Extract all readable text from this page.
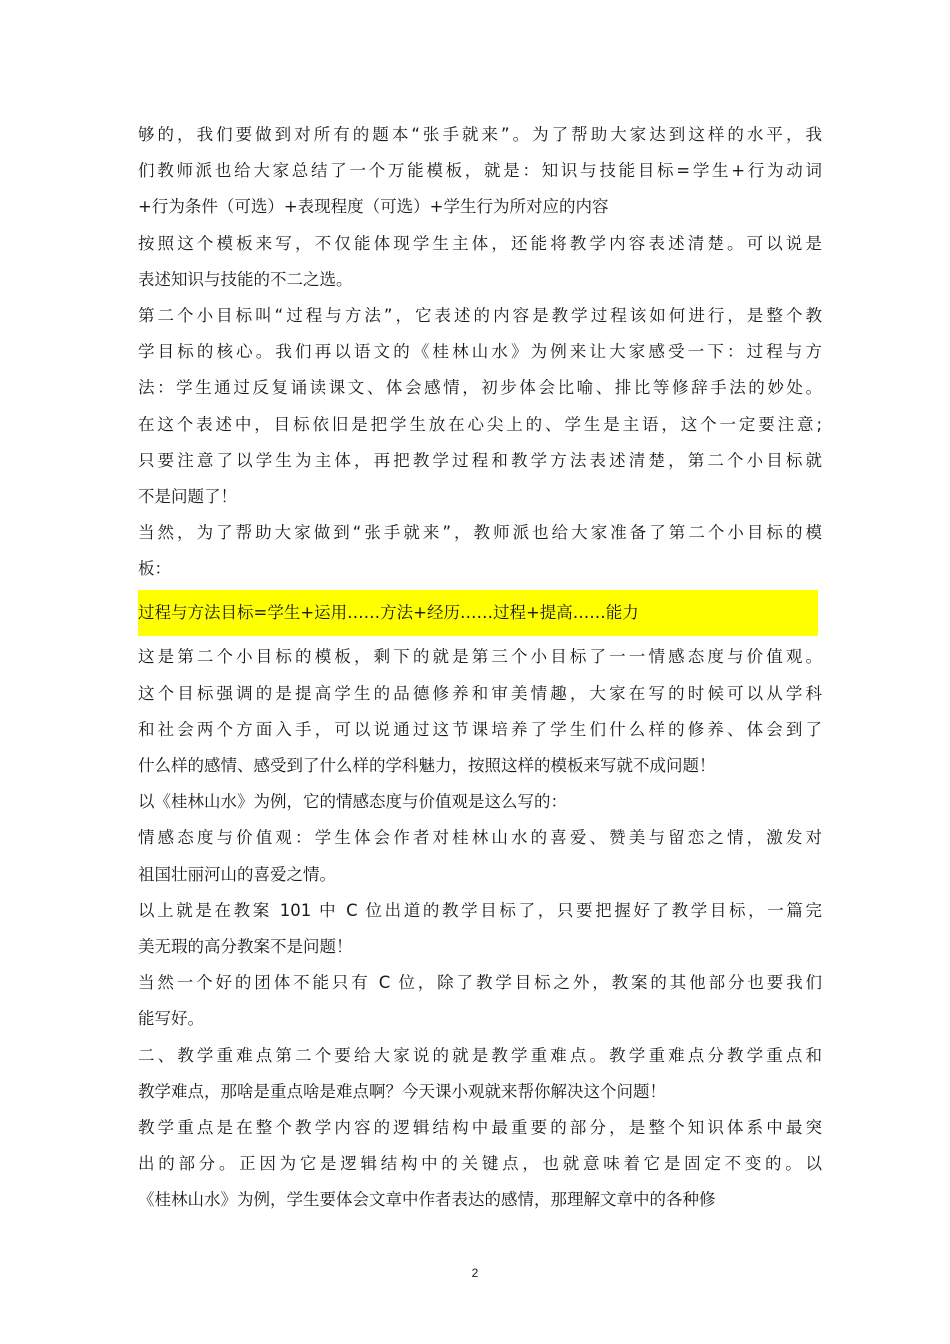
够的，我们要做到对所有的题本“张手就来”。为了帮助大家达到这样的水平，我
们教师派也给大家总结了一个万能模板，就是：知识与技能目标=学生+行为动词
+行为条件（可选）+表现程度（可选）+学生行为所对应的内容
按照这个模板来写，不仅能体现学生主体，还能将教学内容表述清楚。可以说是
表述知识与技能的不二之选。
第二个小目标叫“过程与方法”，它表述的内容是教学过程该如何进行，是整个教
学目标的核心。我们再以语文的《桂林山水》为例来让大家感受一下：过程与方
法：学生通过反复诵读课文、体会感情，初步体会比喻、排比等修辞手法的妙处。
在这个表述中，目标依旧是把学生放在心尖上的、学生是主语，这个一定要注意;
只要注意了以学生为主体，再把教学过程和教学方法表述清楚，第二个小目标就
不是问题了！
当然，为了帮助大家做到“张手就来”，教师派也给大家准备了第二个小目标的模
板：
过程与方法目标=学生+运用……方法+经历……过程+提高……能力
这是第二个小目标的模板，剩下的就是第三个小目标了一一情感态度与价值观。
这个目标强调的是提高学生的品德修养和审美情趣，大家在写的时候可以从学科
和社会两个方面入手，可以说通过这节课培养了学生们什么样的修养、体会到了
什么样的感情、感受到了什么样的学科魅力，按照这样的模板来写就不成问题！
以《桂林山水》为例，它的情感态度与价值观是这么写的：
情感态度与价值观：学生体会作者对桂林山水的喜爱、赞美与留恋之情，激发对
祖国壮丽河山的喜爱之情。
以上就是在教案 101 中 C 位出道的教学目标了，只要把握好了教学目标，一篇完
美无瑕的高分教案不是问题！
当然一个好的团体不能只有 C 位，除了教学目标之外，教案的其他部分也要我们
能写好。
二、教学重难点第二个要给大家说的就是教学重难点。教学重难点分教学重点和
教学难点，那啥是重点啥是难点啊？今天课小观就来帮你解决这个问题！
教学重点是在整个教学内容的逻辑结构中最重要的部分，是整个知识体系中最突
出的部分。正因为它是逻辑结构中的关键点，也就意味着它是固定不变的。以
《桂林山水》为例，学生要体会文章中作者表达的感情，那理解文章中的各种修
2
